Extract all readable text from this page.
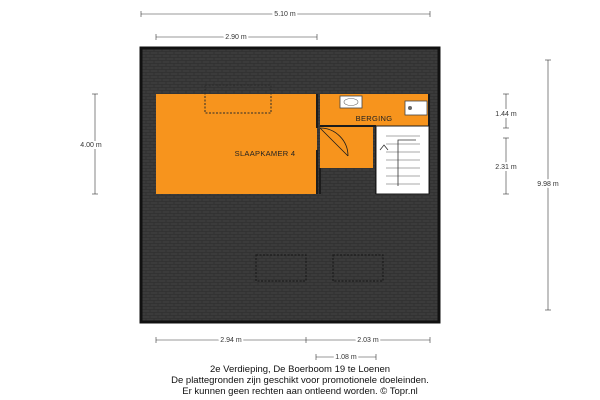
5.10 m
2.90 m
4.00 m
9.98 m
1.44 m
2.31 m
2.94 m	2.03 m
1.08 m
SLAAPKAMER 4
BERGING
2e Verdieping, De Boerboom 19 te Loenen
De plattegronden zijn geschikt voor promotionele doeleinden.
Er kunnen geen rechten aan ontleend worden. © Topr.nl
